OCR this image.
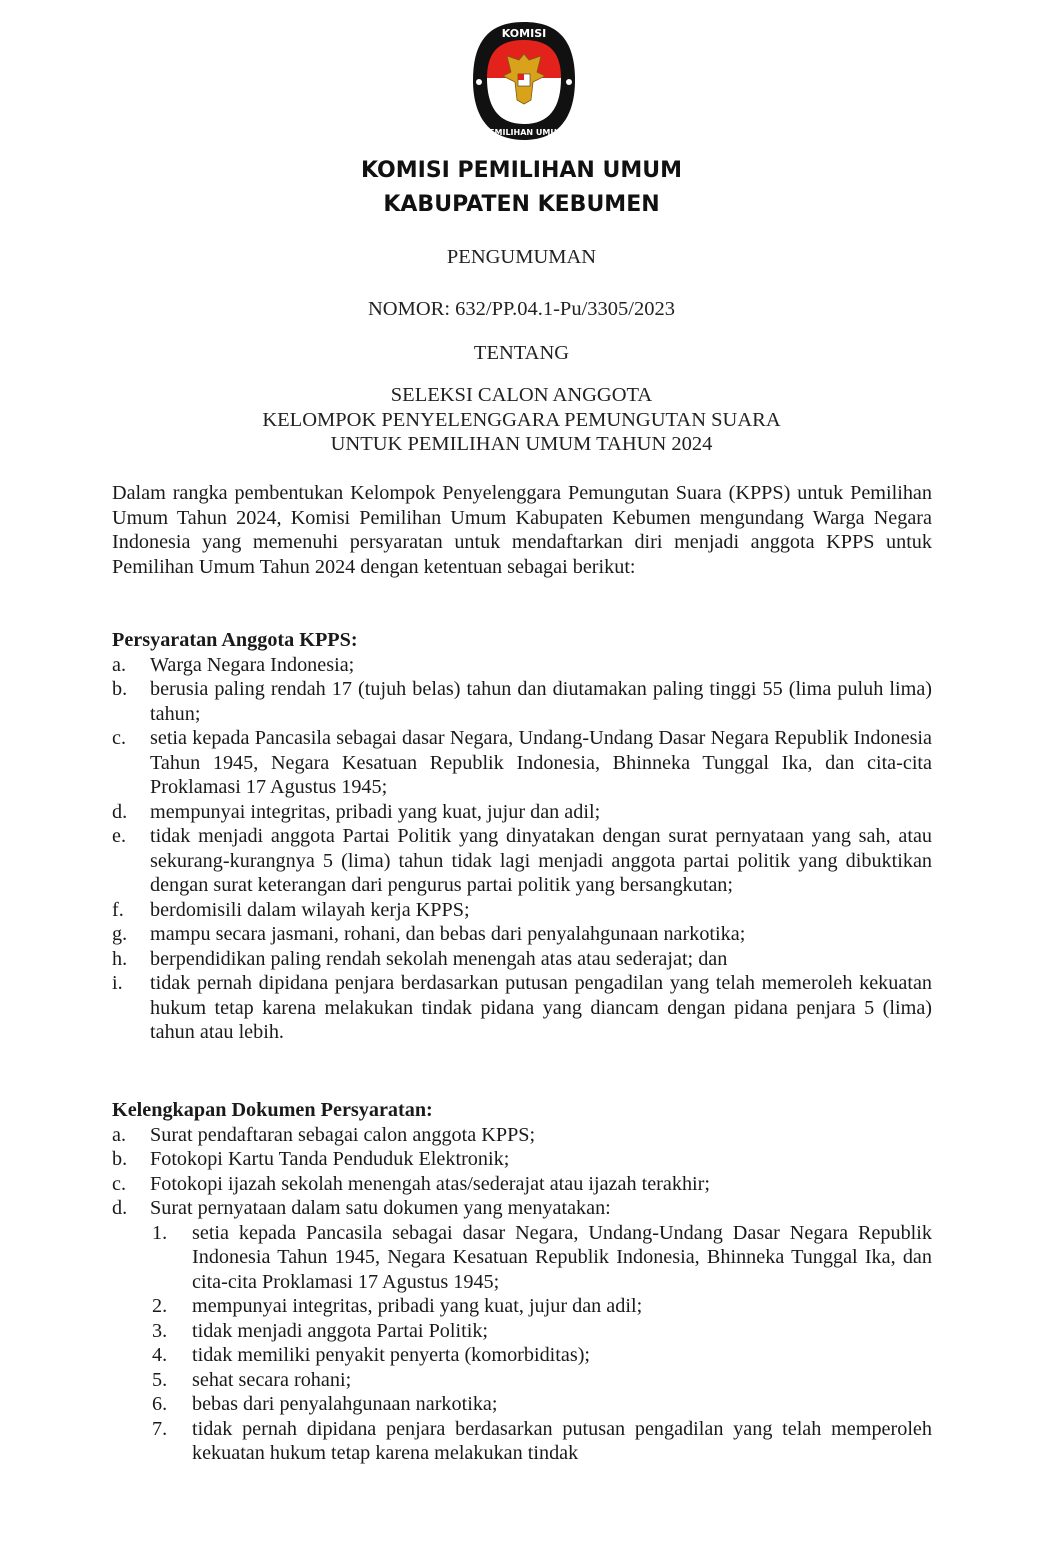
KOMISI
PEMILIHAN UMUM
KOMISI PEMILIHAN UMUM
KABUPATEN KEBUMEN
PENGUMUMAN
NOMOR: 632/PP.04.1-Pu/3305/2023
TENTANG
SELEKSI CALON ANGGOTA
KELOMPOK PENYELENGGARA PEMUNGUTAN SUARA
UNTUK PEMILIHAN UMUM TAHUN 2024
Dalam rangka pembentukan Kelompok Penyelenggara Pemungutan Suara (KPPS) untuk Pemilihan Umum Tahun 2024, Komisi Pemilihan Umum Kabupaten Kebumen mengundang Warga Negara Indonesia yang memenuhi persyaratan untuk mendaftarkan diri menjadi anggota KPPS untuk Pemilihan Umum Tahun 2024 dengan ketentuan sebagai berikut:
Persyaratan Anggota KPPS:
a.	Warga Negara Indonesia;
b.	berusia paling rendah 17 (tujuh belas) tahun dan diutamakan paling tinggi 55 (lima puluh lima) tahun;
c.	setia kepada Pancasila sebagai dasar Negara, Undang-Undang Dasar Negara Republik Indonesia Tahun 1945, Negara Kesatuan Republik Indonesia, Bhinneka Tunggal Ika, dan cita-cita Proklamasi 17 Agustus 1945;
d.	mempunyai integritas, pribadi yang kuat, jujur dan adil;
e.	tidak menjadi anggota Partai Politik yang dinyatakan dengan surat pernyataan yang sah, atau sekurang-kurangnya 5 (lima) tahun tidak lagi menjadi anggota partai politik yang dibuktikan dengan surat keterangan dari pengurus partai politik yang bersangkutan;
f.	berdomisili dalam wilayah kerja KPPS;
g.	mampu secara jasmani, rohani, dan bebas dari penyalahgunaan narkotika;
h.	berpendidikan paling rendah sekolah menengah atas atau sederajat; dan
i.	tidak pernah dipidana penjara berdasarkan putusan pengadilan yang telah memeroleh kekuatan hukum tetap karena melakukan tindak pidana yang diancam dengan pidana penjara 5 (lima) tahun atau lebih.
Kelengkapan Dokumen Persyaratan:
a.	Surat pendaftaran sebagai calon anggota KPPS;
b.	Fotokopi Kartu Tanda Penduduk Elektronik;
c.	Fotokopi ijazah sekolah menengah atas/sederajat atau ijazah terakhir;
d.	Surat pernyataan dalam satu dokumen yang menyatakan:
1.	setia kepada Pancasila sebagai dasar Negara, Undang-Undang Dasar Negara Republik Indonesia Tahun 1945, Negara Kesatuan Republik Indonesia, Bhinneka Tunggal Ika, dan cita-cita Proklamasi 17 Agustus 1945;
2.	mempunyai integritas, pribadi yang kuat, jujur dan adil;
3.	tidak menjadi anggota Partai Politik;
4.	tidak memiliki penyakit penyerta (komorbiditas);
5.	sehat secara rohani;
6.	bebas dari penyalahgunaan narkotika;
7.	tidak pernah dipidana penjara berdasarkan putusan pengadilan yang telah memperoleh kekuatan hukum tetap karena melakukan tindak
